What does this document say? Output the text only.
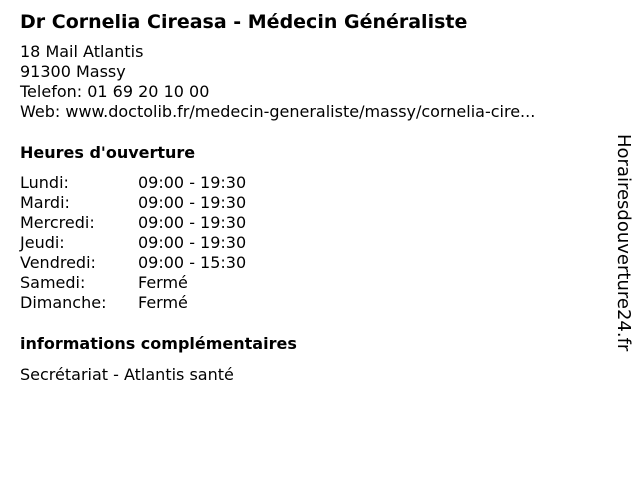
Dr Cornelia Cireasa - Médecin Généraliste
18 Mail Atlantis
91300 Massy
Telefon: 01 69 20 10 00
Web: www.doctolib.fr/medecin-generaliste/massy/cornelia-cire...
Heures d'ouverture
Lundi:	09:00 - 19:30
Mardi:	09:00 - 19:30
Mercredi:	09:00 - 19:30
Jeudi:	09:00 - 19:30
Vendredi:	09:00 - 15:30
Samedi:	Fermé
Dimanche:	Fermé
informations complémentaires
Secrétariat - Atlantis santé
Horairesdouverture24.fr
